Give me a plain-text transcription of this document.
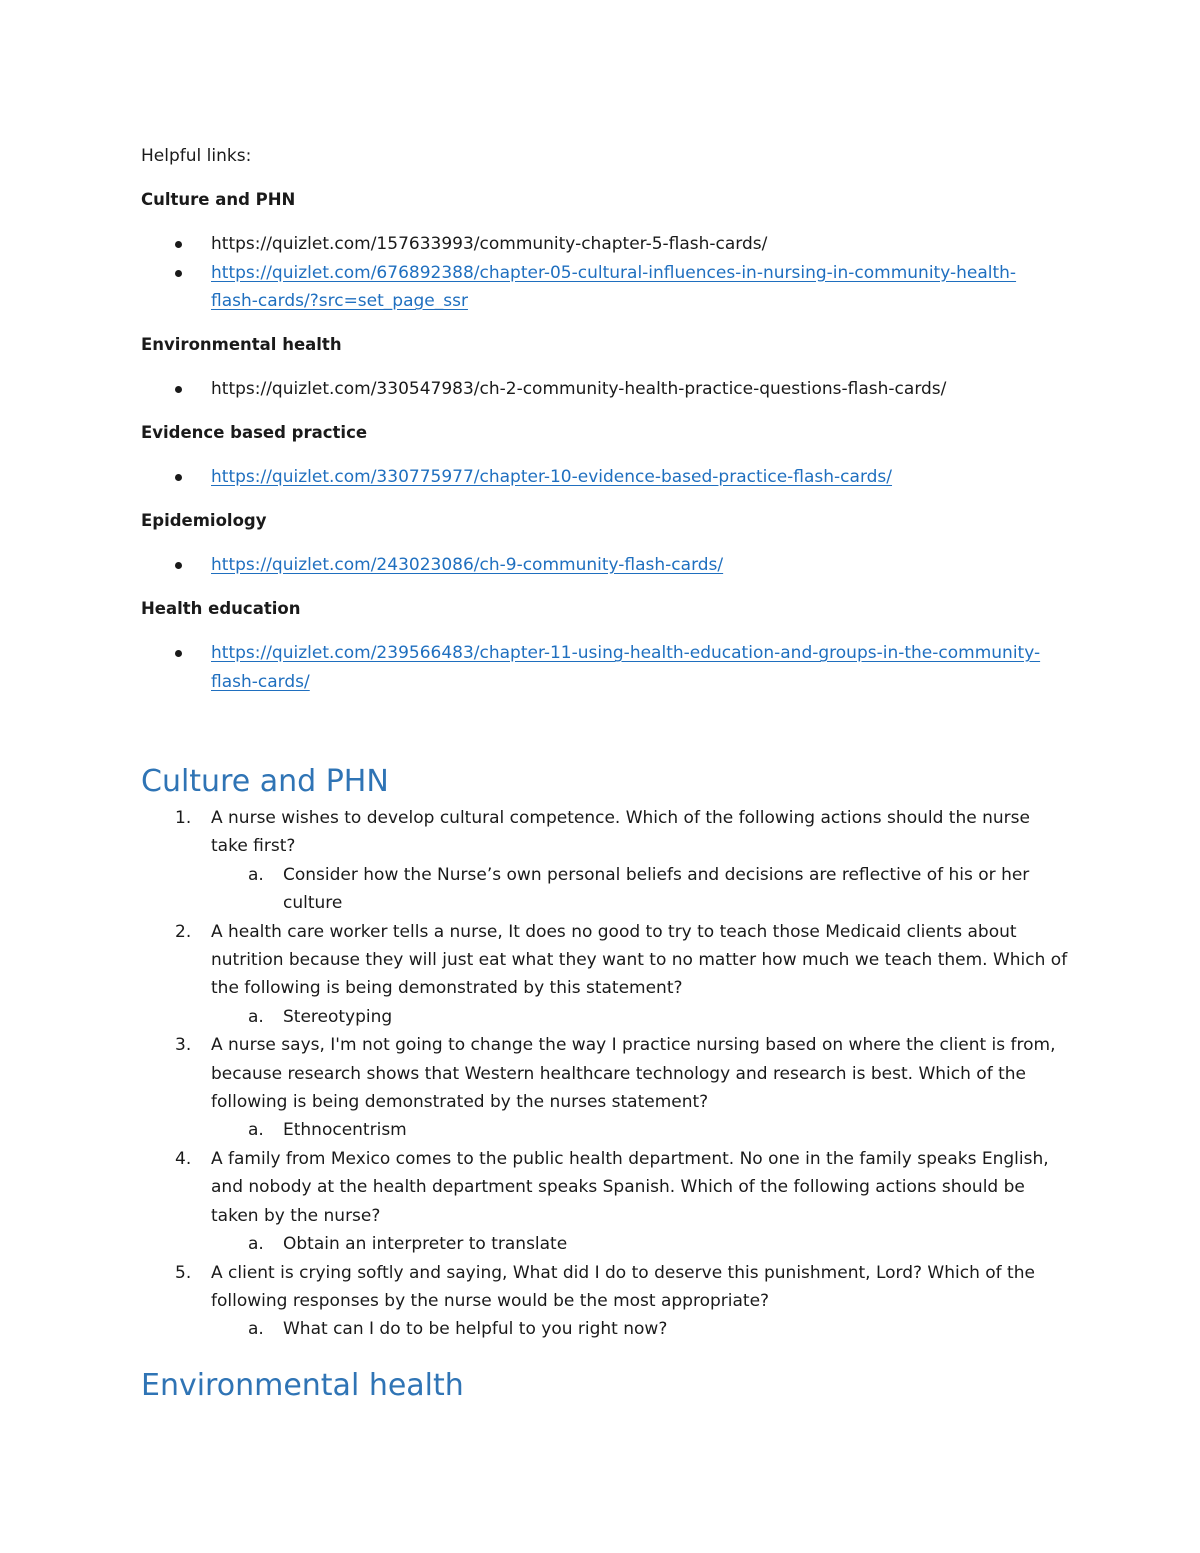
Helpful links:

Culture and PHN

https://quizlet.com/157633993/community-chapter-5-flash-cards/
https://quizlet.com/676892388/chapter-05-cultural-influences-in-nursing-in-community-health-flash-cards/?src=set_page_ssr

Environmental health

https://quizlet.com/330547983/ch-2-community-health-practice-questions-flash-cards/

Evidence based practice

https://quizlet.com/330775977/chapter-10-evidence-based-practice-flash-cards/

Epidemiology

https://quizlet.com/243023086/ch-9-community-flash-cards/

Health education

https://quizlet.com/239566483/chapter-11-using-health-education-and-groups-in-the-community-flash-cards/
Culture and PHN
1. A nurse wishes to develop cultural competence. Which of the following actions should the nurse take first?
a. Consider how the Nurse’s own personal beliefs and decisions are reflective of his or her culture
2. A health care worker tells a nurse, It does no good to try to teach those Medicaid clients about nutrition because they will just eat what they want to no matter how much we teach them. Which of the following is being demonstrated by this statement?
a. Stereotyping
3. A nurse says, I'm not going to change the way I practice nursing based on where the client is from, because research shows that Western healthcare technology and research is best. Which of the following is being demonstrated by the nurses statement?
a. Ethnocentrism
4. A family from Mexico comes to the public health department. No one in the family speaks English, and nobody at the health department speaks Spanish. Which of the following actions should be taken by the nurse?
a. Obtain an interpreter to translate
5. A client is crying softly and saying, What did I do to deserve this punishment, Lord? Which of the following responses by the nurse would be the most appropriate?
a. What can I do to be helpful to you right now?
Environmental health
